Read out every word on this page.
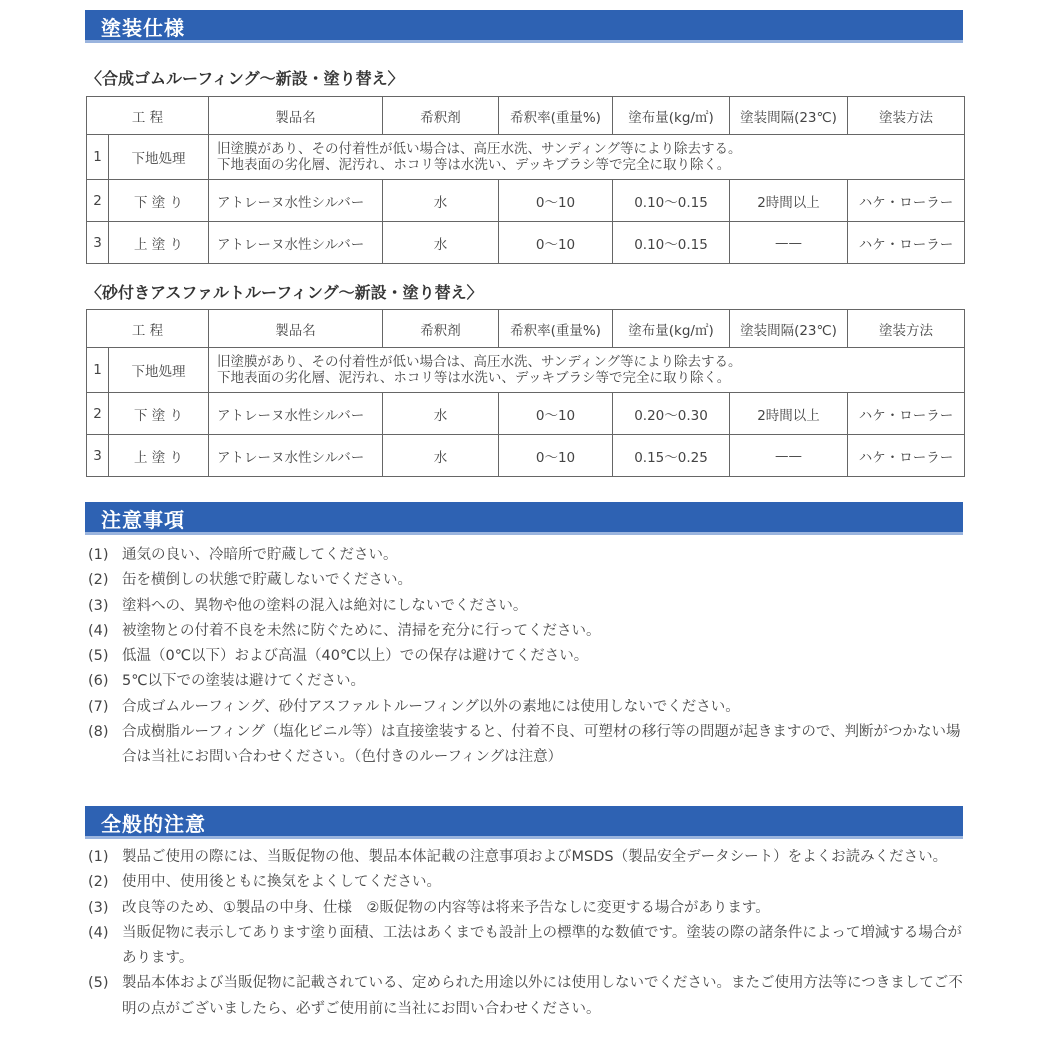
塗装仕様
〈合成ゴムルーフィング〜新設・塗り替え〉
工 程		製品名	希釈剤	希釈率(重量%)	塗布量(kg/㎡)	塗装間隔(23℃)	塗装方法
1	下地処理	旧塗膜があり、その付着性が低い場合は、高圧水洗、サンディング等により除去する。
下地表面の劣化層、泥汚れ、ホコリ等は水洗い、デッキブラシ等で完全に取り除く。					

2	下 塗 り	アトレーヌ水性シルバー	水	0〜10	0.10〜0.15	2時間以上	ハケ・ローラー
3	上 塗 り	アトレーヌ水性シルバー	水	0〜10	0.10〜0.15	——	ハケ・ローラー
〈砂付きアスファルトルーフィング〜新設・塗り替え〉
工 程		製品名	希釈剤	希釈率(重量%)	塗布量(kg/㎡)	塗装間隔(23℃)	塗装方法
1	下地処理	旧塗膜があり、その付着性が低い場合は、高圧水洗、サンディング等により除去する。
下地表面の劣化層、泥汚れ、ホコリ等は水洗い、デッキブラシ等で完全に取り除く。					

2	下 塗 り	アトレーヌ水性シルバー	水	0〜10	0.20〜0.30	2時間以上	ハケ・ローラー
3	上 塗 り	アトレーヌ水性シルバー	水	0〜10	0.15〜0.25	——	ハケ・ローラー
注意事項
(1) 通気の良い、冷暗所で貯蔵してください。
(2) 缶を横倒しの状態で貯蔵しないでください。
(3) 塗料への、異物や他の塗料の混入は絶対にしないでください。
(4) 被塗物との付着不良を未然に防ぐために、清掃を充分に行ってください。
(5) 低温（0℃以下）および高温（40℃以上）での保存は避けてください。
(6) 5℃以下での塗装は避けてください。
(7) 合成ゴムルーフィング、砂付アスファルトルーフィング以外の素地には使用しないでください。
(8) 合成樹脂ルーフィング（塩化ビニル等）は直接塗装すると、付着不良、可塑材の移行等の問題が起きますので、判断がつかない場合は当社にお問い合わせください。（色付きのルーフィングは注意）
全般的注意
(1) 製品ご使用の際には、当販促物の他、製品本体記載の注意事項およびMSDS（製品安全データシート）をよくお読みください。
(2) 使用中、使用後ともに換気をよくしてください。
(3) 改良等のため、①製品の中身、仕様　②販促物の内容等は将来予告なしに変更する場合があります。
(4) 当販促物に表示してあります塗り面積、工法はあくまでも設計上の標準的な数値です。塗装の際の諸条件によって増減する場合があります。
(5) 製品本体および当販促物に記載されている、定められた用途以外には使用しないでください。またご使用方法等につきましてご不明の点がございましたら、必ずご使用前に当社にお問い合わせください。
